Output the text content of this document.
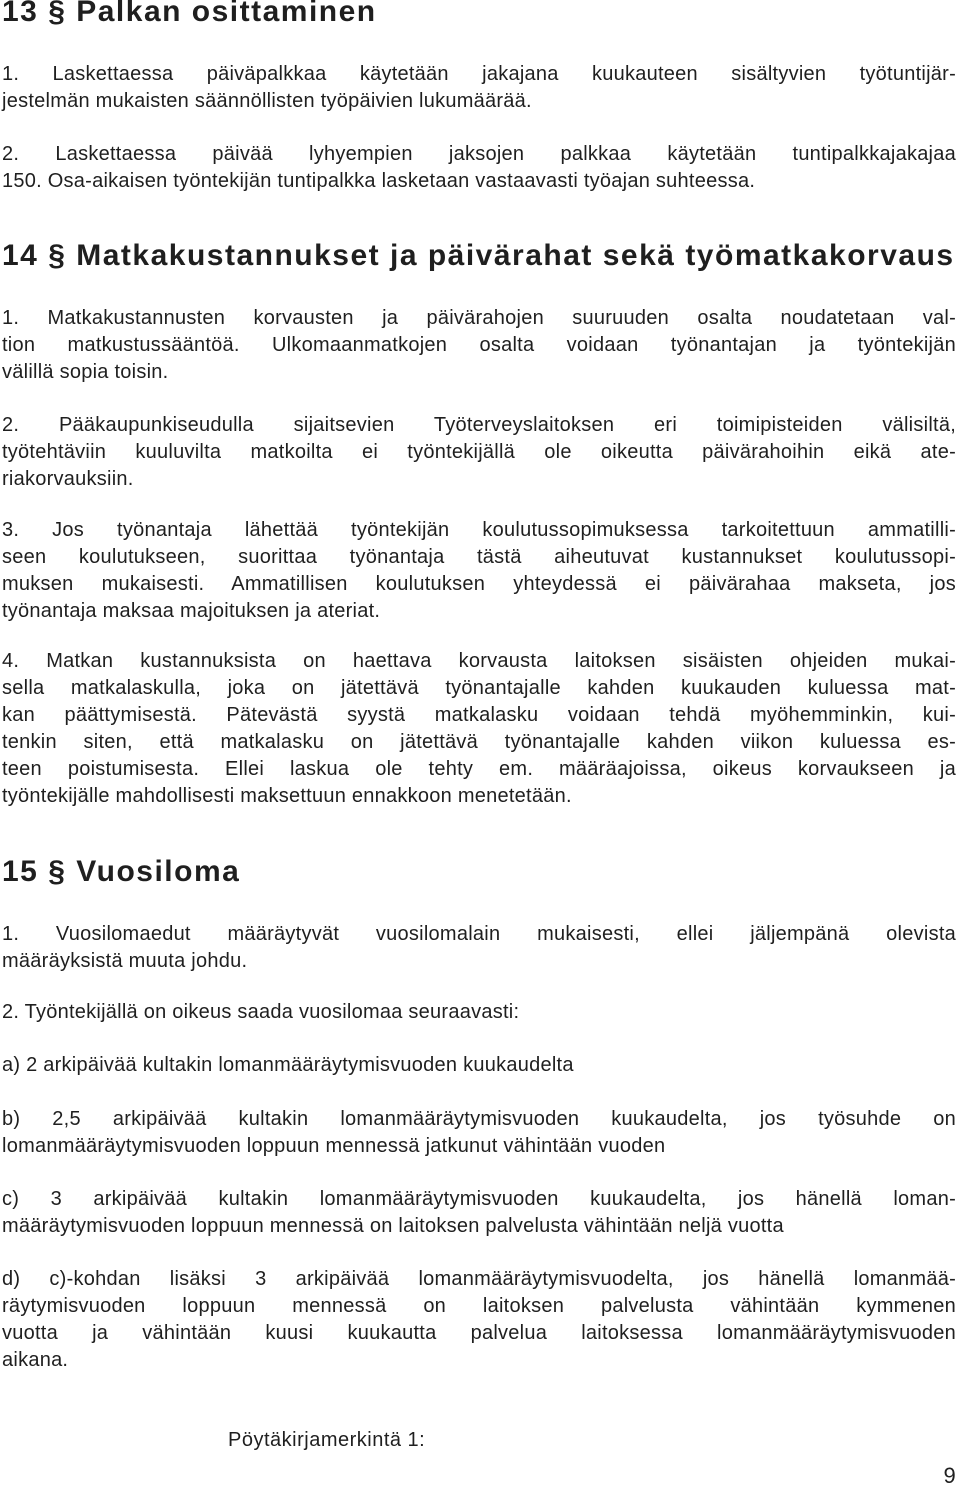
13 § Palkan osittaminen
1. Laskettaessa päiväpalkkaa käytetään jakajana kuukauteen sisältyvien työtuntijär-
jestelmän mukaisten säännöllisten työpäivien lukumäärää.
2. Laskettaessa päivää lyhyempien jaksojen palkkaa käytetään tuntipalkkajakajaa
150. Osa-aikaisen työntekijän tuntipalkka lasketaan vastaavasti työajan suhteessa.
14 § Matkakustannukset ja päivärahat sekä työmatkakorvaus
1. Matkakustannusten korvausten ja päivärahojen suuruuden osalta noudatetaan val-
tion matkustussääntöä. Ulkomaanmatkojen osalta voidaan työnantajan ja työntekijän
välillä sopia toisin.
2. Pääkaupunkiseudulla sijaitsevien Työterveyslaitoksen eri toimipisteiden välisiltä,
työtehtäviin kuuluvilta matkoilta ei työntekijällä ole oikeutta päivärahoihin eikä ate-
riakorvauksiin.
3. Jos työnantaja lähettää työntekijän koulutussopimuksessa tarkoitettuun ammatilli-
seen koulutukseen, suorittaa työnantaja tästä aiheutuvat kustannukset koulutussopi-
muksen mukaisesti. Ammatillisen koulutuksen yhteydessä ei päivärahaa makseta, jos
työnantaja maksaa majoituksen ja ateriat.
4. Matkan kustannuksista on haettava korvausta laitoksen sisäisten ohjeiden mukai-
sella matkalaskulla, joka on jätettävä työnantajalle kahden kuukauden kuluessa mat-
kan päättymisestä. Pätevästä syystä matkalasku voidaan tehdä myöhemminkin, kui-
tenkin siten, että matkalasku on jätettävä työnantajalle kahden viikon kuluessa es-
teen poistumisesta. Ellei laskua ole tehty em. määräajoissa, oikeus korvaukseen ja
työntekijälle mahdollisesti maksettuun ennakkoon menetetään.
15 § Vuosiloma
1. Vuosilomaedut määräytyvät vuosilomalain mukaisesti, ellei jäljempänä olevista
määräyksistä muuta johdu.
2. Työntekijällä on oikeus saada vuosilomaa seuraavasti:
a) 2 arkipäivää kultakin lomanmääräytymisvuoden kuukaudelta
b) 2,5 arkipäivää kultakin lomanmääräytymisvuoden kuukaudelta, jos työsuhde on
lomanmääräytymisvuoden loppuun mennessä jatkunut vähintään vuoden
c) 3 arkipäivää kultakin lomanmääräytymisvuoden kuukaudelta, jos hänellä loman-
määräytymisvuoden loppuun mennessä on laitoksen palvelusta vähintään neljä vuotta
d) c)-kohdan lisäksi 3 arkipäivää lomanmääräytymisvuodelta, jos hänellä lomanmää-
räytymisvuoden loppuun mennessä on laitoksen palvelusta vähintään kymmenen
vuotta ja vähintään kuusi kuukautta palvelua laitoksessa lomanmääräytymisvuoden
aikana.

Pöytäkirjamerkintä 1:

9
